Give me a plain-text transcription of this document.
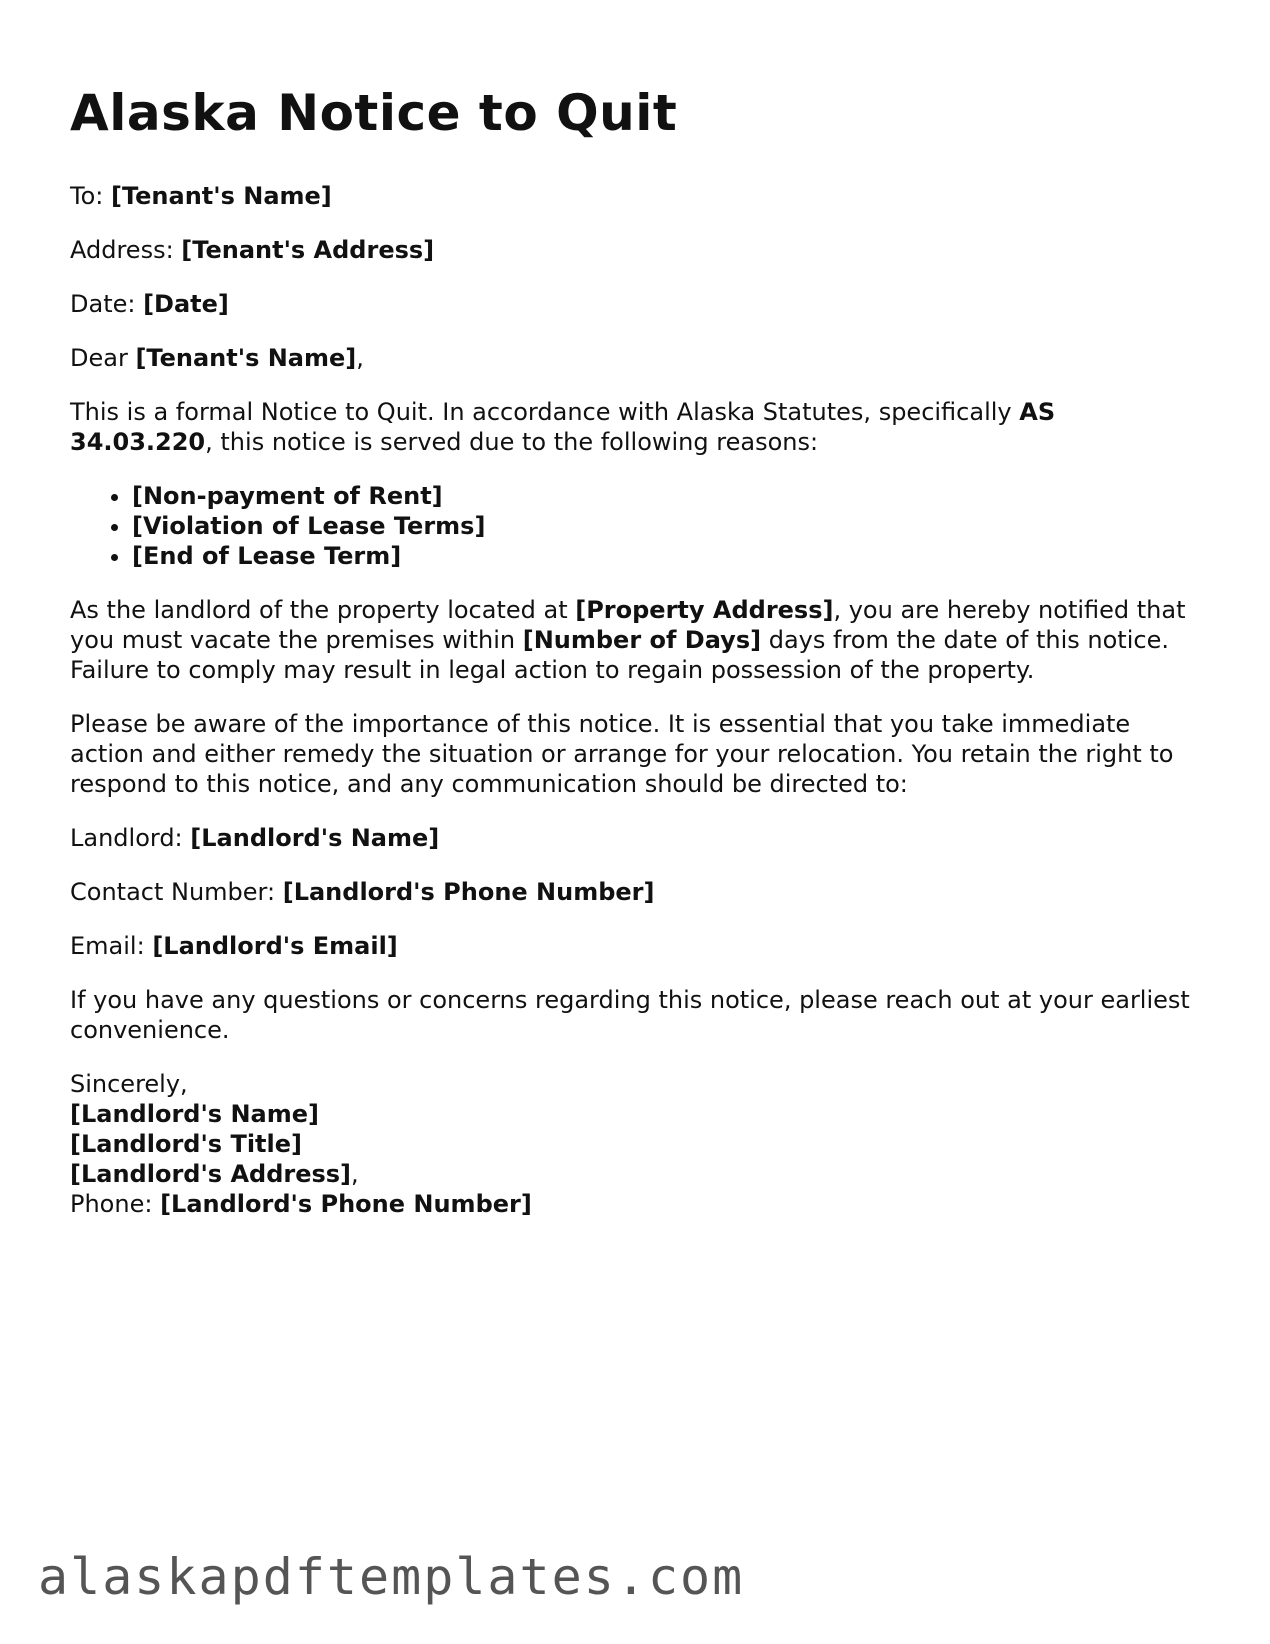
Alaska Notice to Quit

To: [Tenant's Name]

Address: [Tenant's Address]

Date: [Date]

Dear [Tenant's Name],

This is a formal Notice to Quit. In accordance with Alaska Statutes, specifically AS 34.03.220, this notice is served due to the following reasons:

• [Non-payment of Rent]
• [Violation of Lease Terms]
• [End of Lease Term]

As the landlord of the property located at [Property Address], you are hereby notified that you must vacate the premises within [Number of Days] days from the date of this notice. Failure to comply may result in legal action to regain possession of the property.

Please be aware of the importance of this notice. It is essential that you take immediate action and either remedy the situation or arrange for your relocation. You retain the right to respond to this notice, and any communication should be directed to:

Landlord: [Landlord's Name]

Contact Number: [Landlord's Phone Number]

Email: [Landlord's Email]

If you have any questions or concerns regarding this notice, please reach out at your earliest convenience.

Sincerely,

[Landlord's Name]

[Landlord's Title]

[Landlord's Address],

Phone: [Landlord's Phone Number]

alaskapdftemplates.com
